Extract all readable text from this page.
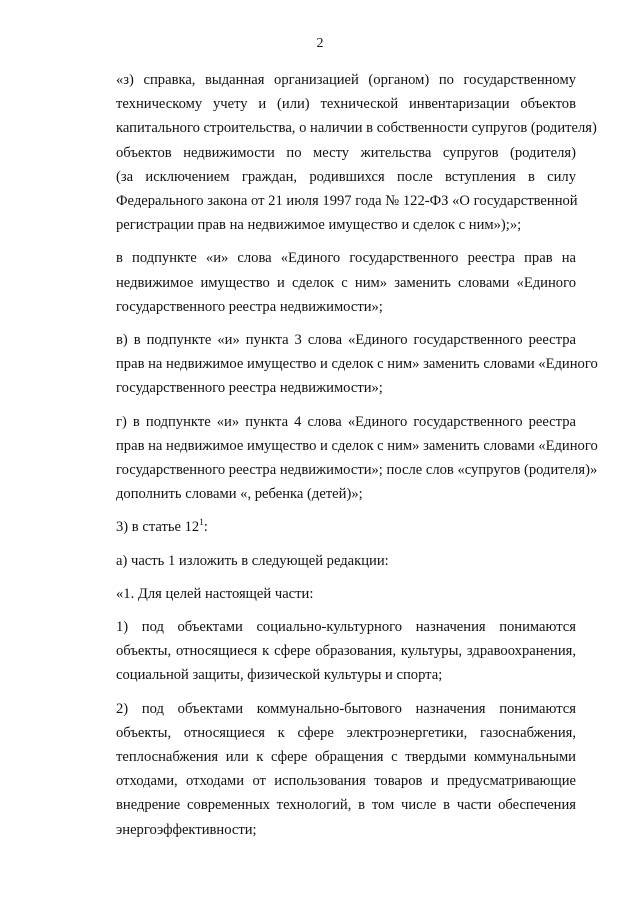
2

«з) справка, выданная организацией (органом) по государственному
техническому учету и (или) технической инвентаризации объектов
капитального строительства, о наличии в собственности супругов (родителя)
объектов недвижимости по месту жительства супругов (родителя)
(за исключением граждан, родившихся после вступления в силу
Федерального закона от 21 июля 1997 года № 122-ФЗ «О государственной
регистрации прав на недвижимое имущество и сделок с ним»);»;

в подпункте «и» слова «Единого государственного реестра прав на
недвижимое имущество и сделок с ним» заменить словами «Единого
государственного реестра недвижимости»;

в) в подпункте «и» пункта 3 слова «Единого государственного реестра
прав на недвижимое имущество и сделок с ним» заменить словами «Единого
государственного реестра недвижимости»;

г) в подпункте «и» пункта 4 слова «Единого государственного реестра
прав на недвижимое имущество и сделок с ним» заменить словами «Единого
государственного реестра недвижимости»; после слов «супругов (родителя)»
дополнить словами «, ребенка (детей)»;

3) в статье $12^1$:

а) часть 1 изложить в следующей редакции:

«1. Для целей настоящей части:

1) под объектами социально-культурного назначения понимаются
объекты, относящиеся к сфере образования, культуры, здравоохранения,
социальной защиты, физической культуры и спорта;

2) под объектами коммунально-бытового назначения понимаются
объекты, относящиеся к сфере электроэнергетики, газоснабжения,
теплоснабжения или к сфере обращения с твердыми коммунальными
отходами, отходами от использования товаров и предусматривающие
внедрение современных технологий, в том числе в части обеспечения
энергоэффективности;
